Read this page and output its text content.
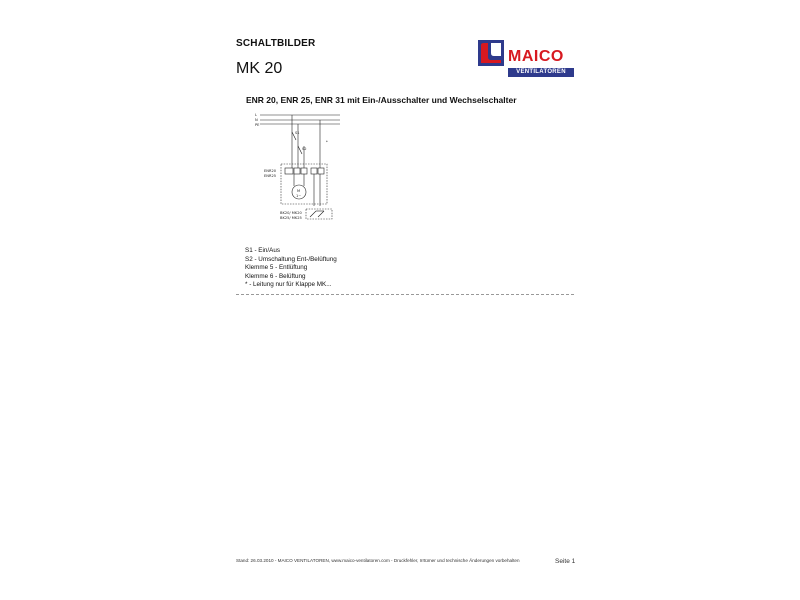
SCHALTBILDER
MK 20
MAICO
VENTILATOREN
ENR 20, ENR 25, ENR 31 mit Ein-/Ausschalter und Wechselschalter
L
N
PE
S1
S2
*
ENR20
ENR25
M
1~
BK20/ MK20
BK25/ MK25
S1 - Ein/Aus
S2 - Umschaltung Ent-/Belüftung
Klemme 5 - Entlüftung
Klemme 6 - Belüftung
* - Leitung nur für Klappe MK...
Stand: 26.03.2010 - MAICO VENTILATOREN, www.maico-ventilatoren.com - Druckfehler, Irrtümer und technische Änderungen vorbehalten	Seite 1
